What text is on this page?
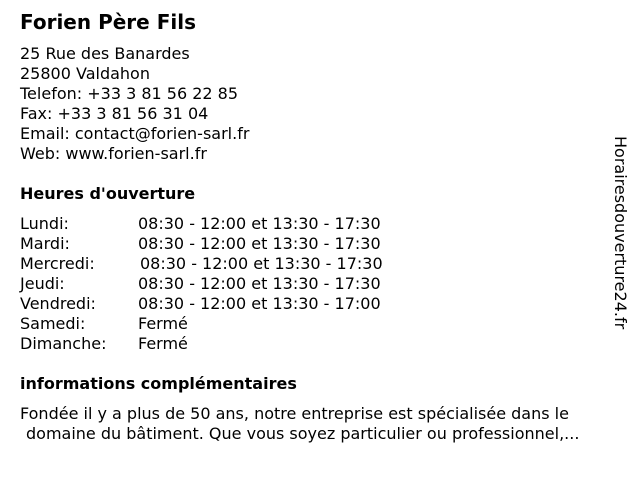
Forien Père Fils
25 Rue des Banardes
25800 Valdahon
Telefon: +33 3 81 56 22 85
Fax: +33 3 81 56 31 04
Email: contact@forien-sarl.fr
Web: www.forien-sarl.fr
Heures d'ouverture
Lundi:	08:30 - 12:00 et 13:30 - 17:30
Mardi:	08:30 - 12:00 et 13:30 - 17:30
Mercredi:	08:30 - 12:00 et 13:30 - 17:30
Jeudi:	08:30 - 12:00 et 13:30 - 17:30
Vendredi:	08:30 - 12:00 et 13:30 - 17:00
Samedi:	Fermé
Dimanche: Fermé
informations complémentaires
Fondée il y a plus de 50 ans, notre entreprise est spécialisée dans le
domaine du bâtiment. Que vous soyez particulier ou professionnel,...
Horairesdouverture24.fr
